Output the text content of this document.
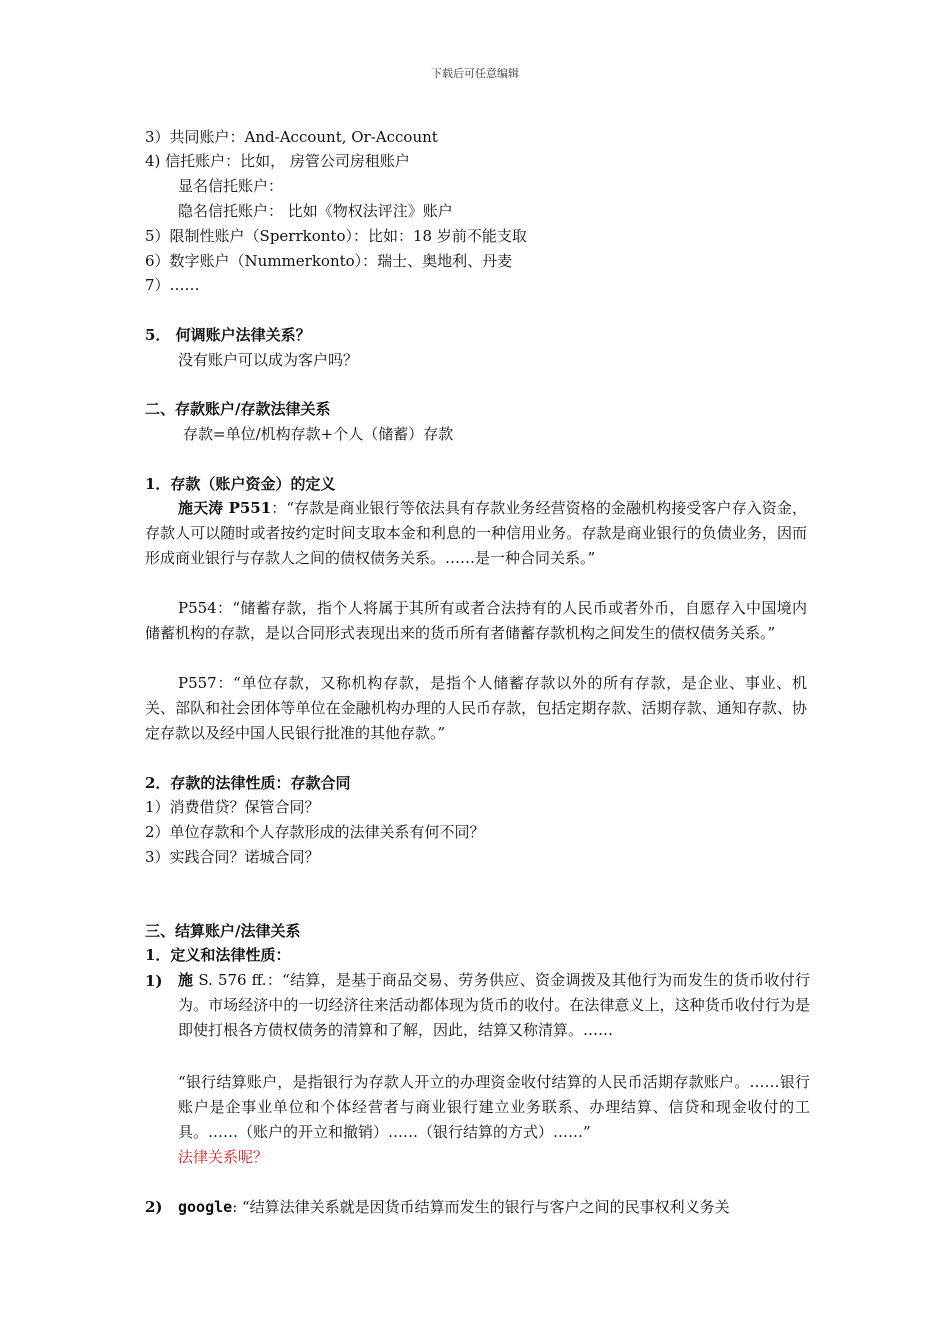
下载后可任意编辑
3）共同账户：And-Account, Or-Account
4) 信托账户：比如， 房管公司房租账户
显名信托账户：
隐名信托账户： 比如《物权法评注》账户
5）限制性账户（Sperrkonto）：比如：18 岁前不能支取
6）数字账户（Nummerkonto）：瑞士、奥地利、丹麦
7）……
5． 何调账户法律关系？
没有账户可以成为客户吗？
二、存款账户/存款法律关系
存款=单位/机构存款+个人（储蓄）存款
1．存款（账户资金）的定义

施天涛 P551：“存款是商业银行等依法具有存款业务经营资格的金融机构接受客户存入资金，存款人可以随时或者按约定时间支取本金和利息的一种信用业务。存款是商业银行的负债业务，因而形成商业银行与存款人之间的债权债务关系。……是一种合同关系。”

P554：“储蓄存款，指个人将属于其所有或者合法持有的人民币或者外币，自愿存入中国境内储蓄机构的存款，是以合同形式表现出来的货币所有者储蓄存款机构之间发生的债权债务关系。”

P557：“单位存款，又称机构存款，是指个人储蓄存款以外的所有存款，是企业、事业、机关、部队和社会团体等单位在金融机构办理的人民币存款，包括定期存款、活期存款、通知存款、协定存款以及经中国人民银行批准的其他存款。”

2．存款的法律性质：存款合同
1）消费借贷？保管合同？
2）单位存款和个人存款形成的法律关系有何不同？
3）实践合同？诺城合同？
三、结算账户/法律关系
1．定义和法律性质：
1) 施 S. 576 ff.：“结算，是基于商品交易、劳务供应、资金调拨及其他行为而发生的货币收付行为。市场经济中的一切经济往来活动都体现为货币的收付。在法律意义上，这种货币收付行为是即使打根各方债权债务的清算和了解，因此，结算又称清算。……
“银行结算账户，是指银行为存款人开立的办理资金收付结算的人民币活期存款账户。……银行账户是企事业单位和个体经营者与商业银行建立业务联系、办理结算、信贷和现金收付的工具。……（账户的开立和撤销）……（银行结算的方式）……”
法律关系呢？
2) google: “结算法律关系就是因货币结算而发生的银行与客户之间的民事权利义务关
